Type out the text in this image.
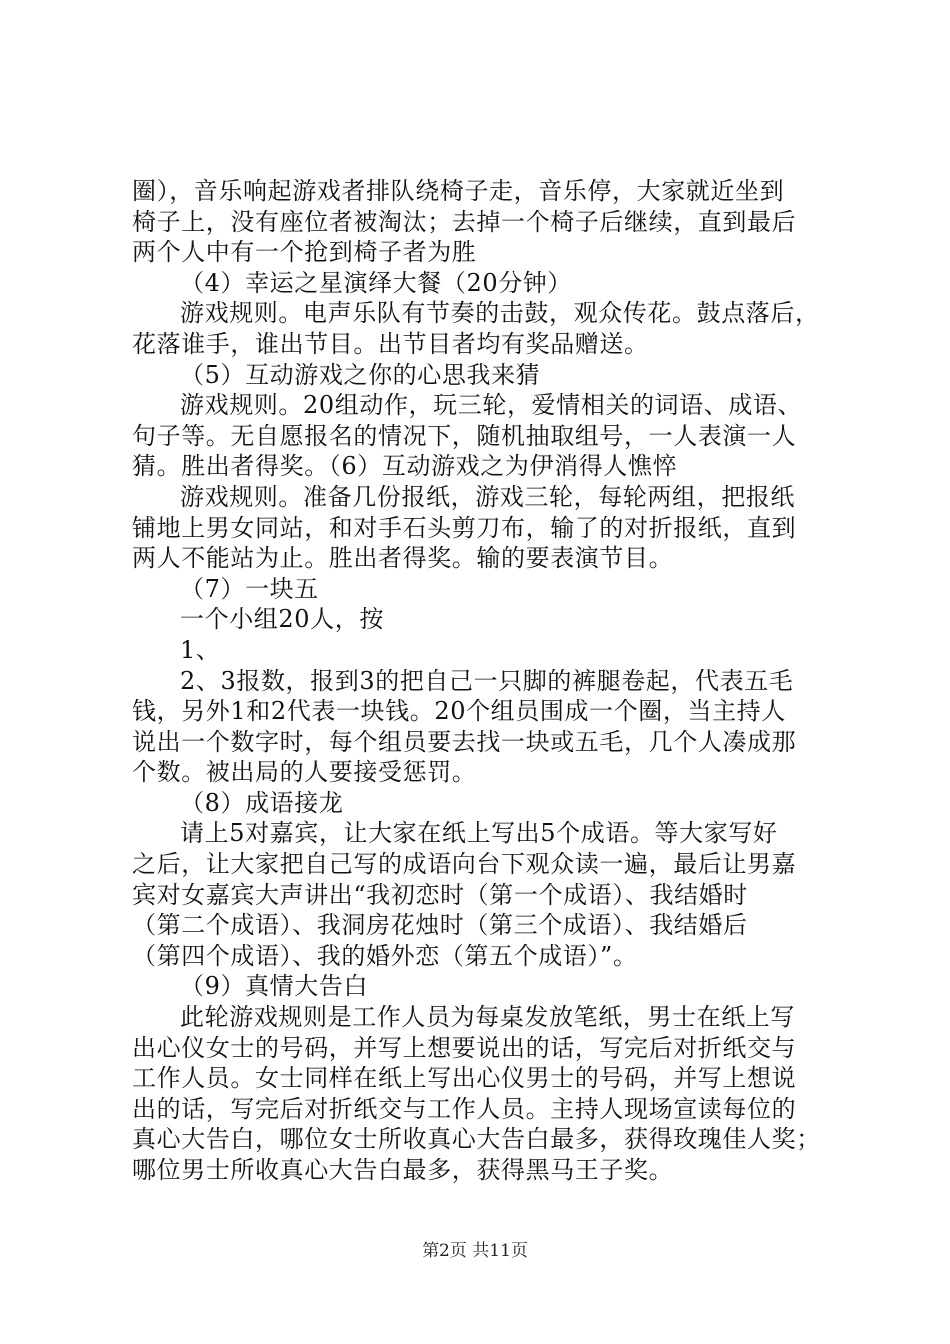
圈），音乐响起游戏者排队绕椅子走，音乐停，大家就近坐到
椅子上，没有座位者被淘汰；去掉一个椅子后继续，直到最后
两个人中有一个抢到椅子者为胜
（4）幸运之星演绎大餐（20分钟）
游戏规则。电声乐队有节奏的击鼓，观众传花。鼓点落后，
花落谁手，谁出节目。出节目者均有奖品赠送。
（5）互动游戏之你的心思我来猜
游戏规则。20组动作，玩三轮，爱情相关的词语、成语、
句子等。无自愿报名的情况下，随机抽取组号，一人表演一人
猜。胜出者得奖。（6）互动游戏之为伊消得人憔悴
游戏规则。准备几份报纸，游戏三轮，每轮两组，把报纸
铺地上男女同站，和对手石头剪刀布，输了的对折报纸，直到
两人不能站为止。胜出者得奖。输的要表演节目。
（7）一块五
一个小组20人，按
1、
2、3报数，报到3的把自己一只脚的裤腿卷起，代表五毛
钱，另外1和2代表一块钱。20个组员围成一个圈，当主持人
说出一个数字时，每个组员要去找一块或五毛，几个人凑成那
个数。被出局的人要接受惩罚。
（8）成语接龙
请上5对嘉宾，让大家在纸上写出5个成语。等大家写好
之后，让大家把自己写的成语向台下观众读一遍，最后让男嘉
宾对女嘉宾大声讲出“我初恋时（第一个成语）、我结婚时
（第二个成语）、我洞房花烛时（第三个成语）、我结婚后
（第四个成语）、我的婚外恋（第五个成语）”。
（9）真情大告白
此轮游戏规则是工作人员为每桌发放笔纸，男士在纸上写
出心仪女士的号码，并写上想要说出的话，写完后对折纸交与
工作人员。女士同样在纸上写出心仪男士的号码，并写上想说
出的话，写完后对折纸交与工作人员。主持人现场宣读每位的
真心大告白，哪位女士所收真心大告白最多，获得玫瑰佳人奖；
哪位男士所收真心大告白最多，获得黑马王子奖。
第2页 共11页
